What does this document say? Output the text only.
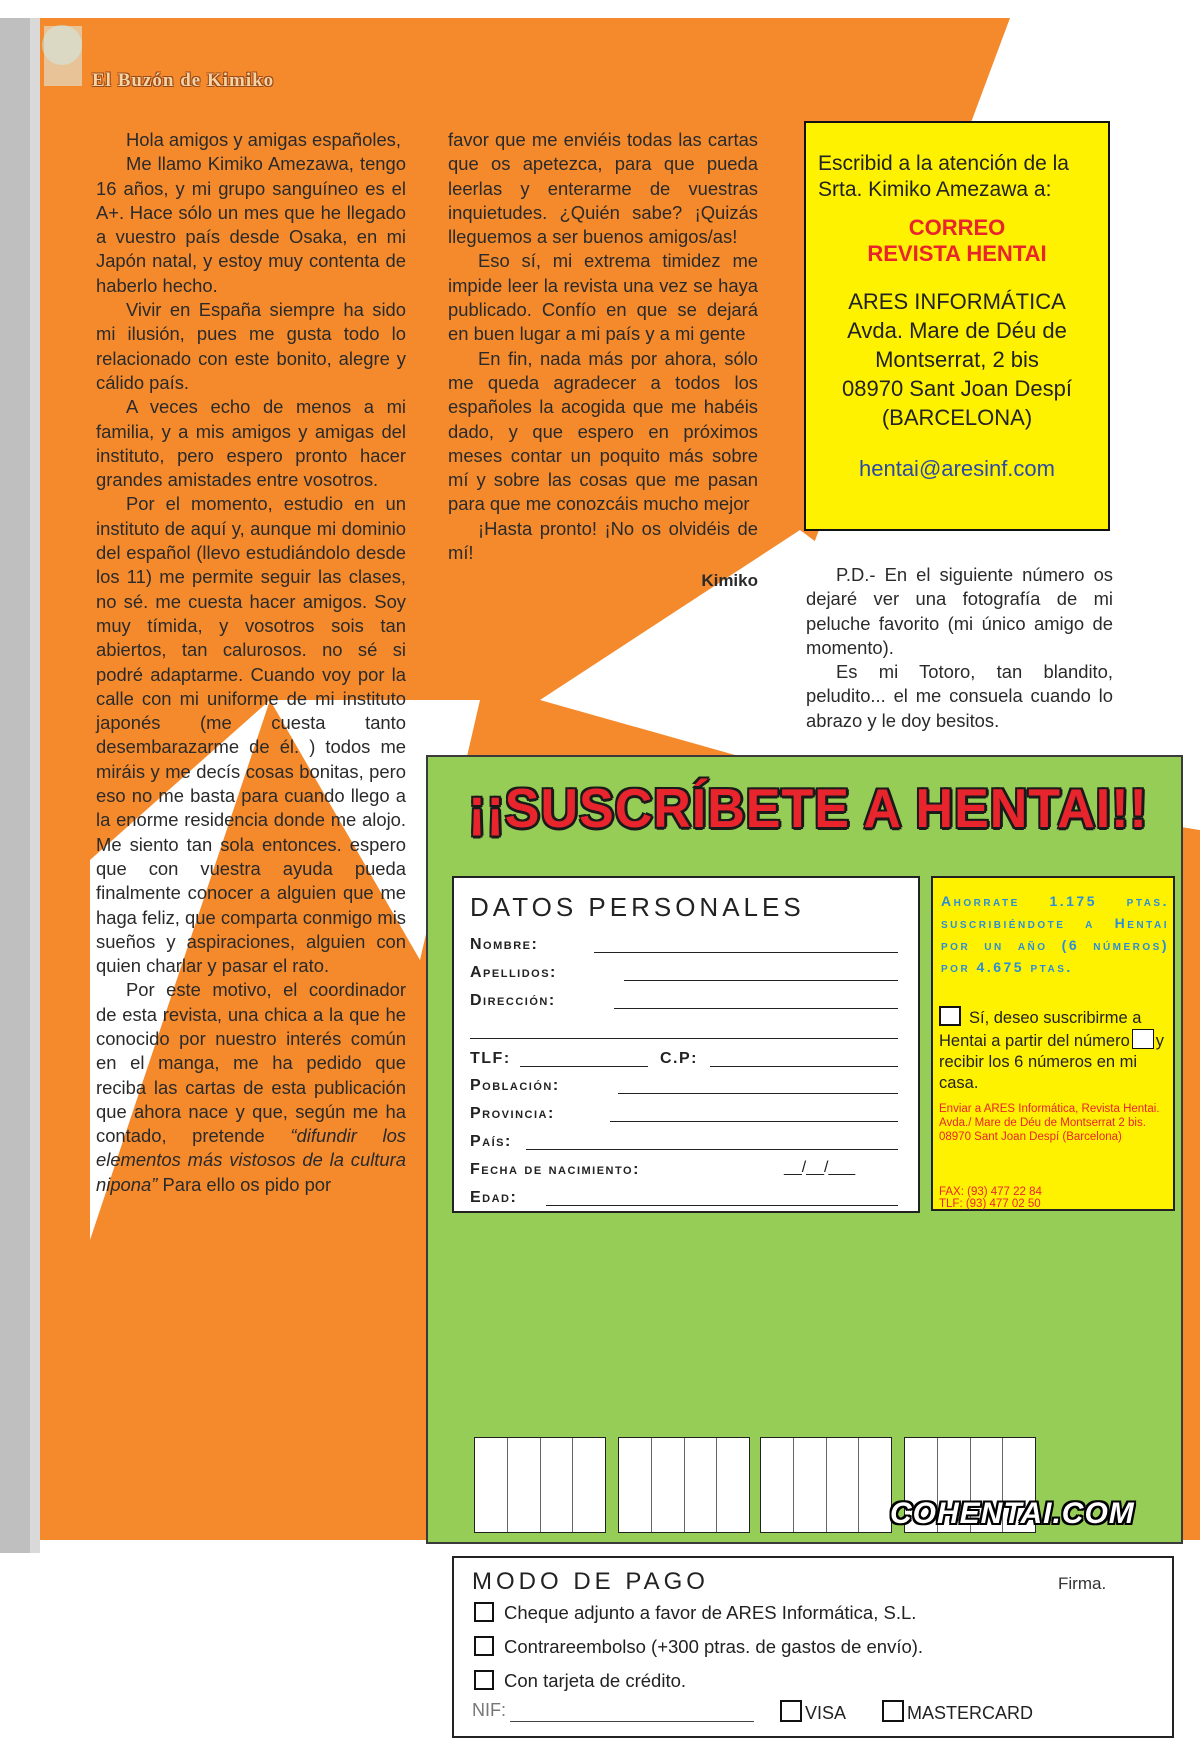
El Buzón de Kimiko

Hola amigos y amigas españoles,

Me llamo Kimiko Amezawa, tengo 16 años, y mi grupo sanguíneo es el A+. Hace sólo un mes que he llegado a vuestro país desde Osaka, en mi Japón natal, y estoy muy contenta de haberlo hecho.

Vivir en España siempre ha sido mi ilusión, pues me gusta todo lo relacionado con este bonito, alegre y cálido país.

A veces echo de menos a mi familia, y a mis amigos y amigas del instituto, pero espero pronto hacer grandes amistades entre vosotros.

Por el momento, estudio en un instituto de aquí y, aunque mi dominio del español (llevo estudiándolo desde los 11) me permite seguir las clases, no sé. me cuesta hacer amigos. Soy muy tímida, y vosotros sois tan abiertos, tan calurosos. no sé si podré adaptarme. Cuando voy por la calle con mi uniforme de mi instituto japonés (me cuesta tanto desembarazarme de él. ) todos me miráis y me decís cosas bonitas, pero eso no me basta para cuando llego a la enorme residencia donde me alojo. Me siento tan sola entonces. espero que con vuestra ayuda pueda finalmente conocer a alguien que me haga feliz, que comparta conmigo mis sueños y aspiraciones, alguien con quien charlar y pasar el rato.

Por este motivo, el coordinador de esta revista, una chica a la que he conocido por nuestro interés común en el manga, me ha pedido que reciba las cartas de esta publicación que ahora nace y que, según me ha contado, pretende “difundir los elementos más vistosos de la cultura nipona” Para ello os pido por

favor que me enviéis todas las cartas que os apetezca, para que pueda leerlas y enterarme de vuestras inquietudes. ¿Quién sabe? ¡Quizás lleguemos a ser buenos amigos/as!

Eso sí, mi extrema timidez me impide leer la revista una vez se haya publicado. Confío en que se dejará en buen lugar a mi país y a mi gente

En fin, nada más por ahora, sólo me queda agradecer a todos los españoles la acogida que me habéis dado, y que espero en próximos meses contar un poquito más sobre mí y sobre las cosas que me pasan para que me conozcáis mucho mejor

¡Hasta pronto! ¡No os olvidéis de mí!

Kimiko

Escribid a la atención de la Srta. Kimiko Amezawa a:
CORREO
REVISTA HENTAI
ARES INFORMÁTICA
Avda. Mare de Déu de
Montserrat, 2 bis
08970 Sant Joan Despí
(BARCELONA)
hentai@aresinf.com

P.D.- En el siguiente número os dejaré ver una fotografía de mi peluche favorito (mi único amigo de momento).

Es mi Totoro, tan blandito, peludito... el me consuela cuando lo abrazo y le doy besitos.

¡¡SUSCRÍBETE A HENTAI!!
DATOS PERSONALES
Nombre:
Apellidos:
Dirección:
TLF:	C.P:
Población:
Provincia:
País:
Fecha de nacimiento:	__/__/___
Edad:
Ahorrate 1.175 ptas. suscribiéndote a Hentai por un año (6 números) por 4.675 ptas.
Sí, deseo suscribirme a Hentai a partir del número y recibir los 6 números en mi casa.
Enviar a ARES Informática, Revista Hentai. Avda./ Mare de Déu de Montserrat 2 bis. 08970 Sant Joan Despí (Barcelona)
FAX: (93) 477 22 84
TLF: (93) 477 02 50
MODO DE PAGO	Firma.
Cheque adjunto a favor de ARES Informática, S.L.
Contrareembolso (+300 ptras. de gastos de envío).
Con tarjeta de crédito.
NIF:	VISA	MASTERCARD
COHENTAI.COM
